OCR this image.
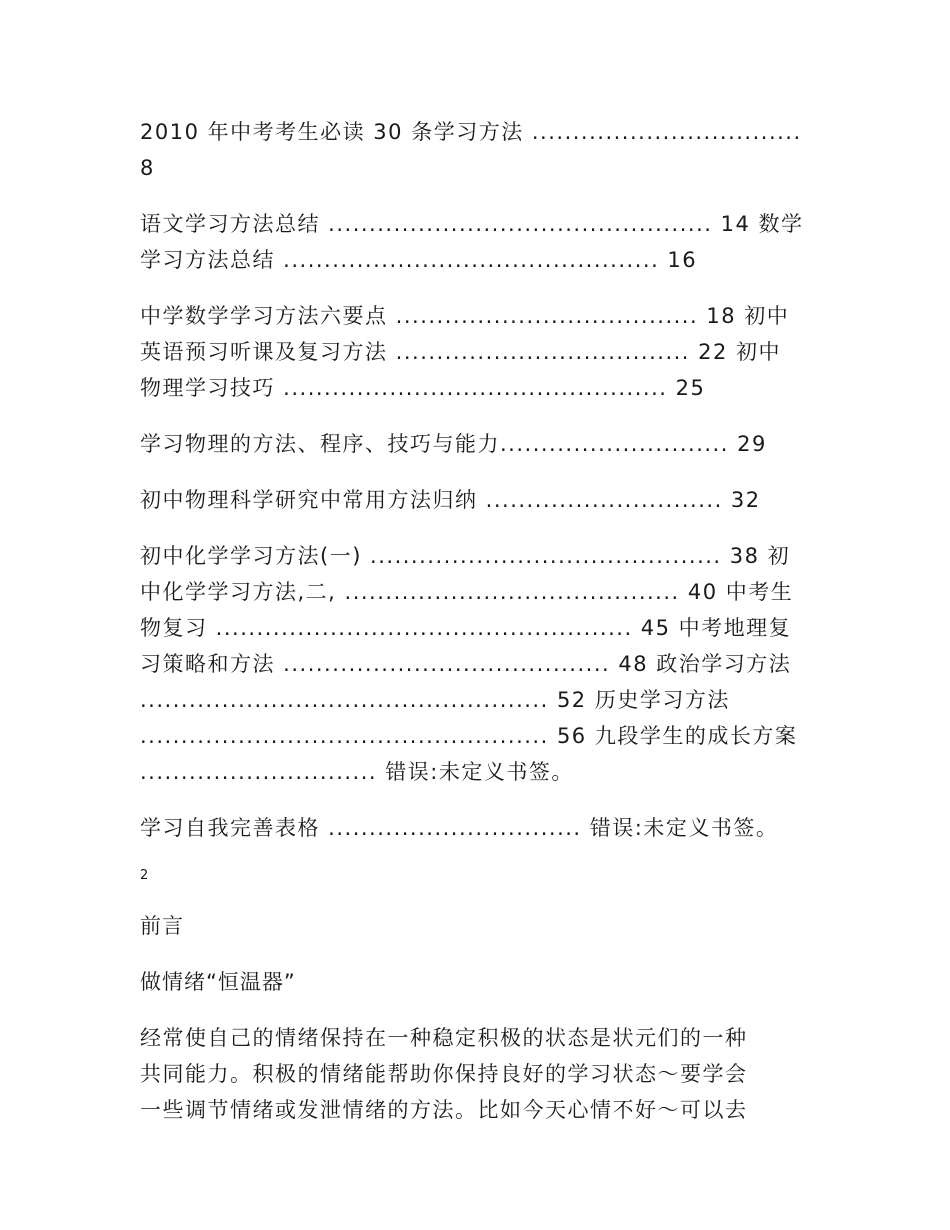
2010 年中考考生必读 30 条学习方法 .................................
8
语文学习方法总结 ............................................... 14 数学
学习方法总结 .............................................. 16
中学数学学习方法六要点 ..................................... 18 初中
英语预习听课及复习方法 .................................... 22 初中
物理学习技巧 ............................................... 25
学习物理的方法、程序、技巧与能力............................ 29
初中物理科学研究中常用方法归纳 ............................. 32
初中化学学习方法(一) ........................................... 38 初
中化学学习方法,二, ......................................... 40 中考生
物复习 ................................................... 45 中考地理复
习策略和方法 ........................................ 48 政治学习方法
.................................................. 52 历史学习方法
.................................................. 56 九段学生的成长方案
............................. 错误:未定义书签。
学习自我完善表格 ............................... 错误:未定义书签。
2
前言
做情绪“恒温器”
经常使自己的情绪保持在一种稳定积极的状态是状元们的一种
共同能力。积极的情绪能帮助你保持良好的学习状态～要学会
一些调节情绪或发泄情绪的方法。比如今天心情不好～可以去
